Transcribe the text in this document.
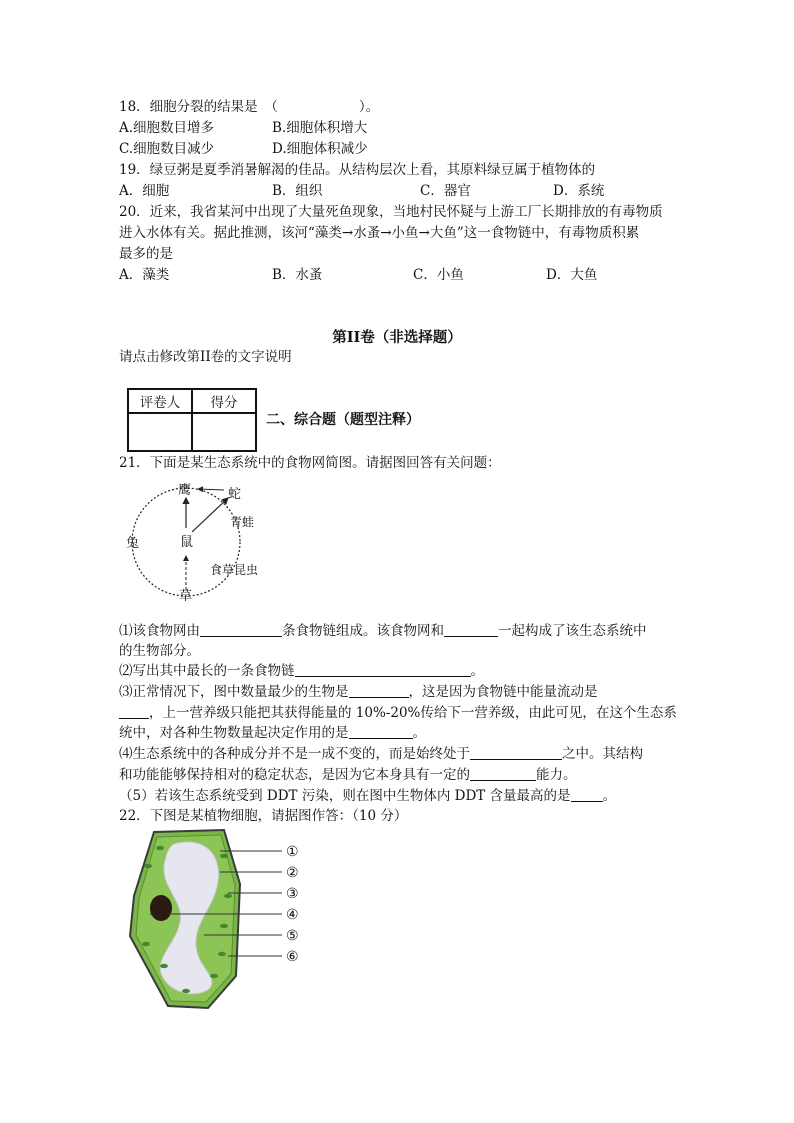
18．细胞分裂的结果是　（　　　　　　）。
A.细胞数目增多	B.细胞体积增大
C.细胞数目减少	D.细胞体积减少
19．绿豆粥是夏季消暑解渴的佳品。从结构层次上看，其原料绿豆属于植物体的
A．细胞	B．组织	C．器官	D．系统
20．近来，我省某河中出现了大量死鱼现象，当地村民怀疑与上游工厂长期排放的有毒物质
进入水体有关。据此推测，该河“藻类→水蚤→小鱼→大鱼”这一食物链中，有毒物质积累
最多的是
A．藻类	B．水蚤	C．小鱼	D．大鱼
第II卷（非选择题）
请点击修改第II卷的文字说明
评卷人	得分

二、综合题（题型注释）
21．下面是某生态系统中的食物网简图。请据图回答有关问题：
鹰	蛇
青蛙
兔	鼠
食草昆虫
草
⑴该食物网由	条食物链组成。该食物网和	一起构成了该生态系统中
的生物部分。
⑵写出其中最长的一条食物链	。
⑶正常情况下，图中数量最少的生物是	，这是因为食物链中能量流动是
，上一营养级只能把其获得能量的 10%-20%传给下一营养级，由此可见，在这个生态系
统中，对各种生物数量起决定作用的是	。
⑷生态系统中的各种成分并不是一成不变的，而是始终处于	之中。其结构
和功能能够保持相对的稳定状态，是因为它本身具有一定的	能力。
（5）若该生态系统受到 DDT 污染，则在图中生物体内 DDT 含量最高的是 。
22．下图是某植物细胞，请据图作答：（10 分）
①
②
③
④
⑤
⑥
